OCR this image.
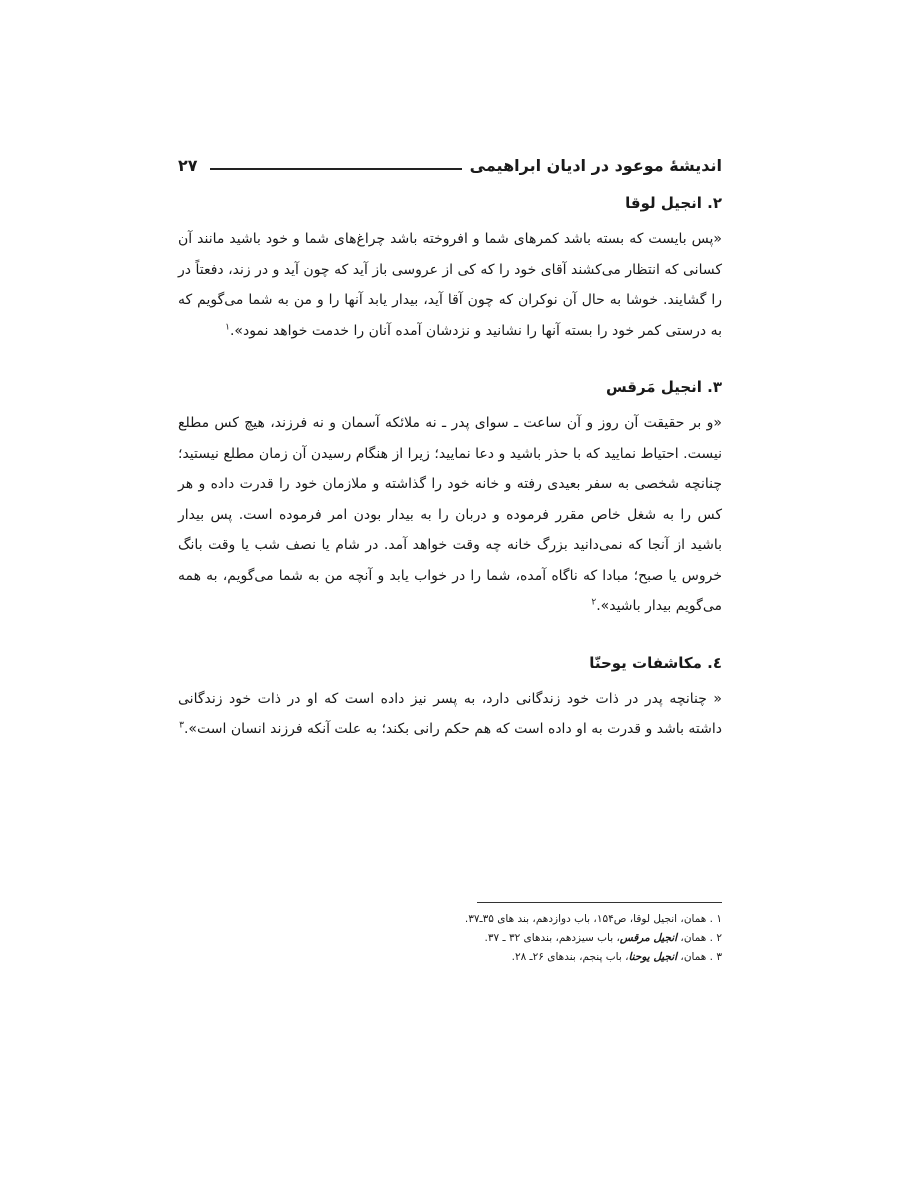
اندیشهٔ موعود در ادیان ابراهیمی
۲۷
۲. انجیل لوقا

«پس بایست که بسته باشد کمرهای شما و افروخته باشد چراغ‌های شما و خود باشید مانند آن کسانی که انتظار می‌کشند آقای خود را که کی از عروسی باز آید که چون آید و در زند، دفعتاً در را گشایند. خوشا به حال آن نوکران که چون آقا آید، بیدار یابد آنها را و من به شما می‌گویم که به درستی کمر خود را بسته آنها را نشانید و نزدشان آمده آنان را خدمت خواهد نمود».$^۱$

۳. انجیل مَرقس

«و بر حقیقت آن روز و آن ساعت ـ سوای پدر ـ نه ملائکه آسمان و نه فرزند، هیچ کس مطلع نیست. احتیاط نمایید که با حذر باشید و دعا نمایید؛ زیرا از هنگام رسیدن آن زمان مطلع نیستید؛ چنانچه شخصی به سفر بعیدی رفته و خانه خود را گذاشته و ملازمان خود را قدرت داده و هر کس را به شغل خاص مقرر فرموده و دربان را به بیدار بودن امر فرموده است. پس بیدار باشید از آنجا که نمی‌دانید بزرگ خانه چه وقت خواهد آمد. در شام یا نصف شب یا وقت بانگ خروس یا صبح؛ مبادا که ناگاه آمده، شما را در خواب یابد و آنچه من به شما می‌گویم، به همه می‌گویم بیدار باشید».$^۲$

٤. مکاشفات یوحنّا

« چنانچه پدر در ذات خود زندگانی دارد، به پسر نیز داده است که او در ذات خود زندگانی داشته باشد و قدرت به او داده است که هم حکم رانی بکند؛ به علت آنکه فرزند انسان است».$^۳$

۱ . همان، انجیل لوقا، ص۱۵۴، باب دوازدهم، بند های ۳۵ـ۳۷.
۲ . همان، انجیل مرقس، باب سیزدهم، بندهای ۳۲ ـ ۳۷.
۳ . همان، انجیل یوحنا، باب پنجم، بندهای ۲۶ـ ۲۸.
